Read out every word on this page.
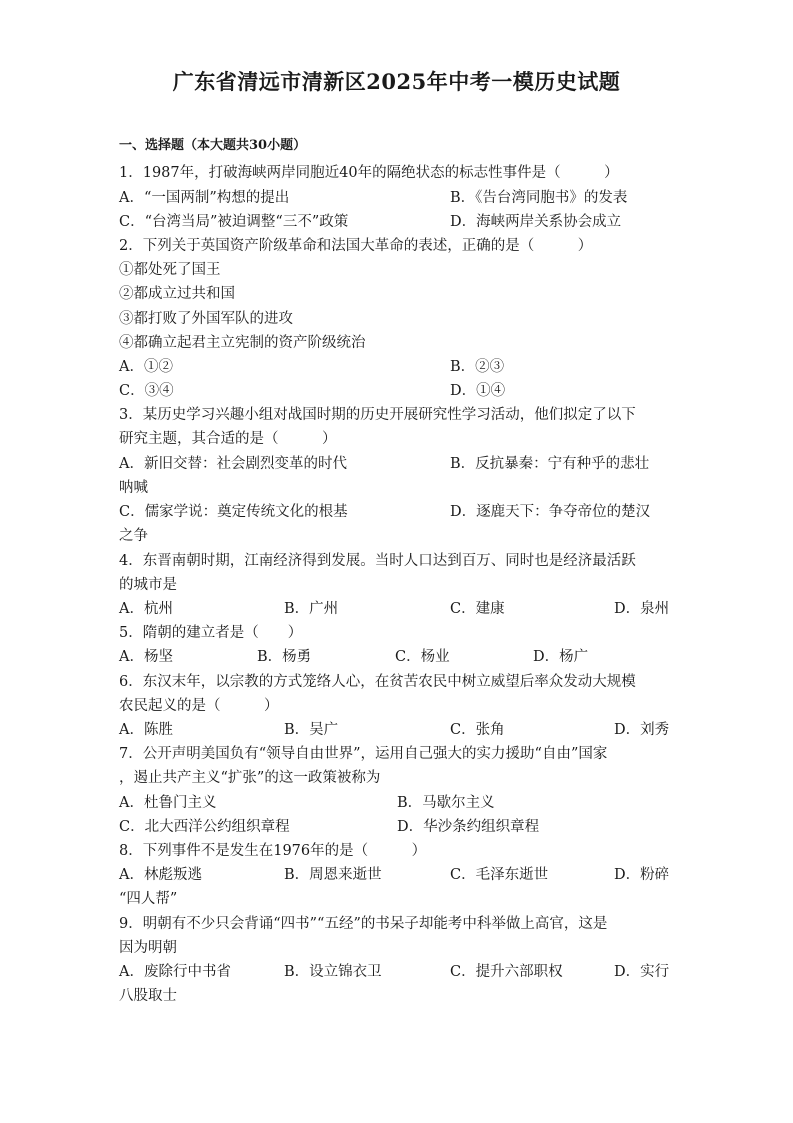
广东省清远市清新区2025年中考一模历史试题
一、选择题（本大题共30小题）
1．1987年，打破海峡两岸同胞近40年的隔绝状态的标志性事件是（　　　）
A．“一国两制”构想的提出	B．《告台湾同胞书》的发表
C．“台湾当局”被迫调整“三不”政策	D．海峡两岸关系协会成立
2．下列关于英国资产阶级革命和法国大革命的表述，正确的是（　　　）
①都处死了国王
②都成立过共和国
③都打败了外国军队的进攻
④都确立起君主立宪制的资产阶级统治
A．①②	B．②③
C．③④	D．①④
3．某历史学习兴趣小组对战国时期的历史开展研究性学习活动，他们拟定了以下
研究主题，其合适的是（　　　）
A．新旧交替：社会剧烈变革的时代	B．反抗暴秦：宁有种乎的悲壮
呐喊
C．儒家学说：奠定传统文化的根基	D．逐鹿天下：争夺帝位的楚汉
之争
4．东晋南朝时期，江南经济得到发展。当时人口达到百万、同时也是经济最活跃
的城市是
A．杭州	B．广州	C．建康	D．泉州
5．隋朝的建立者是（　　）
A．杨坚	B．杨勇	C．杨业	D．杨广
6．东汉末年，以宗教的方式笼络人心，在贫苦农民中树立威望后率众发动大规模
农民起义的是（　　　）
A．陈胜	B．吴广	C．张角	D．刘秀
7．公开声明美国负有“领导自由世界”，运用自己强大的实力援助“自由”国家
，遏止共产主义“扩张”的这一政策被称为
A．杜鲁门主义	B．马歇尔主义
C．北大西洋公约组织章程	D．华沙条约组织章程
8．下列事件不是发生在1976年的是（　　　）
A．林彪叛逃	B．周恩来逝世	C．毛泽东逝世	D．粉碎
“四人帮”
9．明朝有不少只会背诵“四书”“五经”的书呆子却能考中科举做上高官，这是
因为明朝
A．废除行中书省	B．设立锦衣卫	C．提升六部职权	D．实行
八股取士
